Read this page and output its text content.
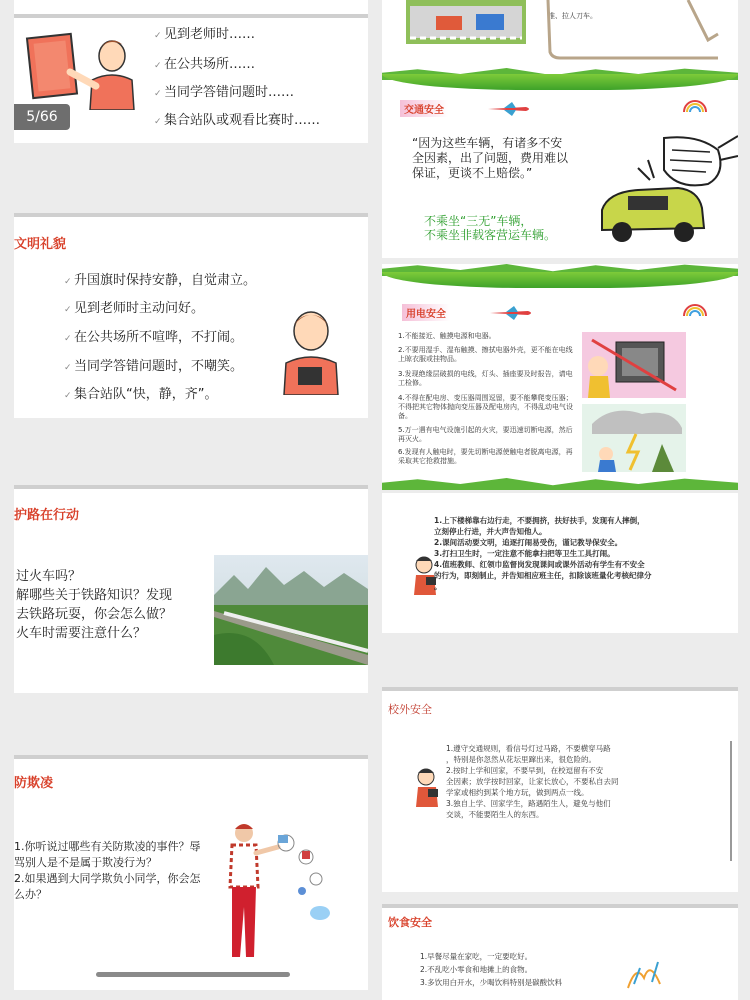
5/66
✓ 见到老师时……
✓ 在公共场所……
✓ 当同学答错问题时……
✓ 集合站队或观看比赛时……
文明礼貌
✓ 升国旗时保持安静，自觉肃立。
✓ 见到老师时主动问好。
✓ 在公共场所不喧哗，不打闹。
✓ 当同学答错问题时，不嘲笑。
✓ 集合站队“快，静，齐”。
护路在行动
过火车吗？
解哪些关于铁路知识？发现
去铁路玩耍，你会怎么做？
火车时需要注意什么？
防欺凌
1.你听说过哪些有关防欺凌的事件？辱
骂别人是不是属于欺凌行为？
2.如果遇到大同学欺负小同学，你会怎
么办？
推、拉人刀车。
交通安全
“因为这些车辆，有诸多不安
全因素，出了问题，费用难以
保证，更谈不上赔偿。”
不乘坐“三无”车辆，
不乘坐非载客营运车辆。
用电安全
1.不能接近、触摸电源和电器。
2.不要用湿手、湿布触摸、擦拭电器外壳，更不能在电线上晾衣服或挂物品。
3.发现绝缘层破损的电线，灯头、插座要及时报告，请电工检修。
4.不得在配电房、变压器周围逗留，要不能攀爬变压器；不得把其它物体抛向变压器及配电房内，不得乱动电气设备。
5.万一遇有电气设施引起的火灾，要迅速切断电源，然后再灭火。
6.发现有人触电时，要先切断电源使触电者脱离电源，再采取其它抢救措施。
1.上下楼梯靠右边行走，不要拥挤，扶好扶手，发现有人摔倒，
立刻停止行进，并大声告知他人。
2.课间活动要文明，追逐打闹易受伤，谨记教导保安全。
3.打扫卫生时，一定注意不能拿扫把等卫生工具打闹。
4.值班教师、红领巾监督岗发现课间或课外活动有学生有不安全
的行为，即刻制止，并告知相应班主任，扣除该班量化考核纪律分
。
校外安全
1.遵守交通规则，看信号灯过马路，不要横穿马路
，特别是你忽然从花坛里蹿出来，很危险的。
2.按时上学和回家，不要早到，在校逗留有不安
全因素；放学按时回家，让家长放心，不要私自去同
学家或相约到某个地方玩，做到两点一线。
3.独自上学、回家学生，路遇陌生人，避免与他们
交谈，不能要陌生人的东西。
饮食安全
1.早餐尽量在家吃，一定要吃好。
2.不乱吃小零食和地摊上的食物。
3.多饮用白开水，少喝饮料特别是碳酸饮料
